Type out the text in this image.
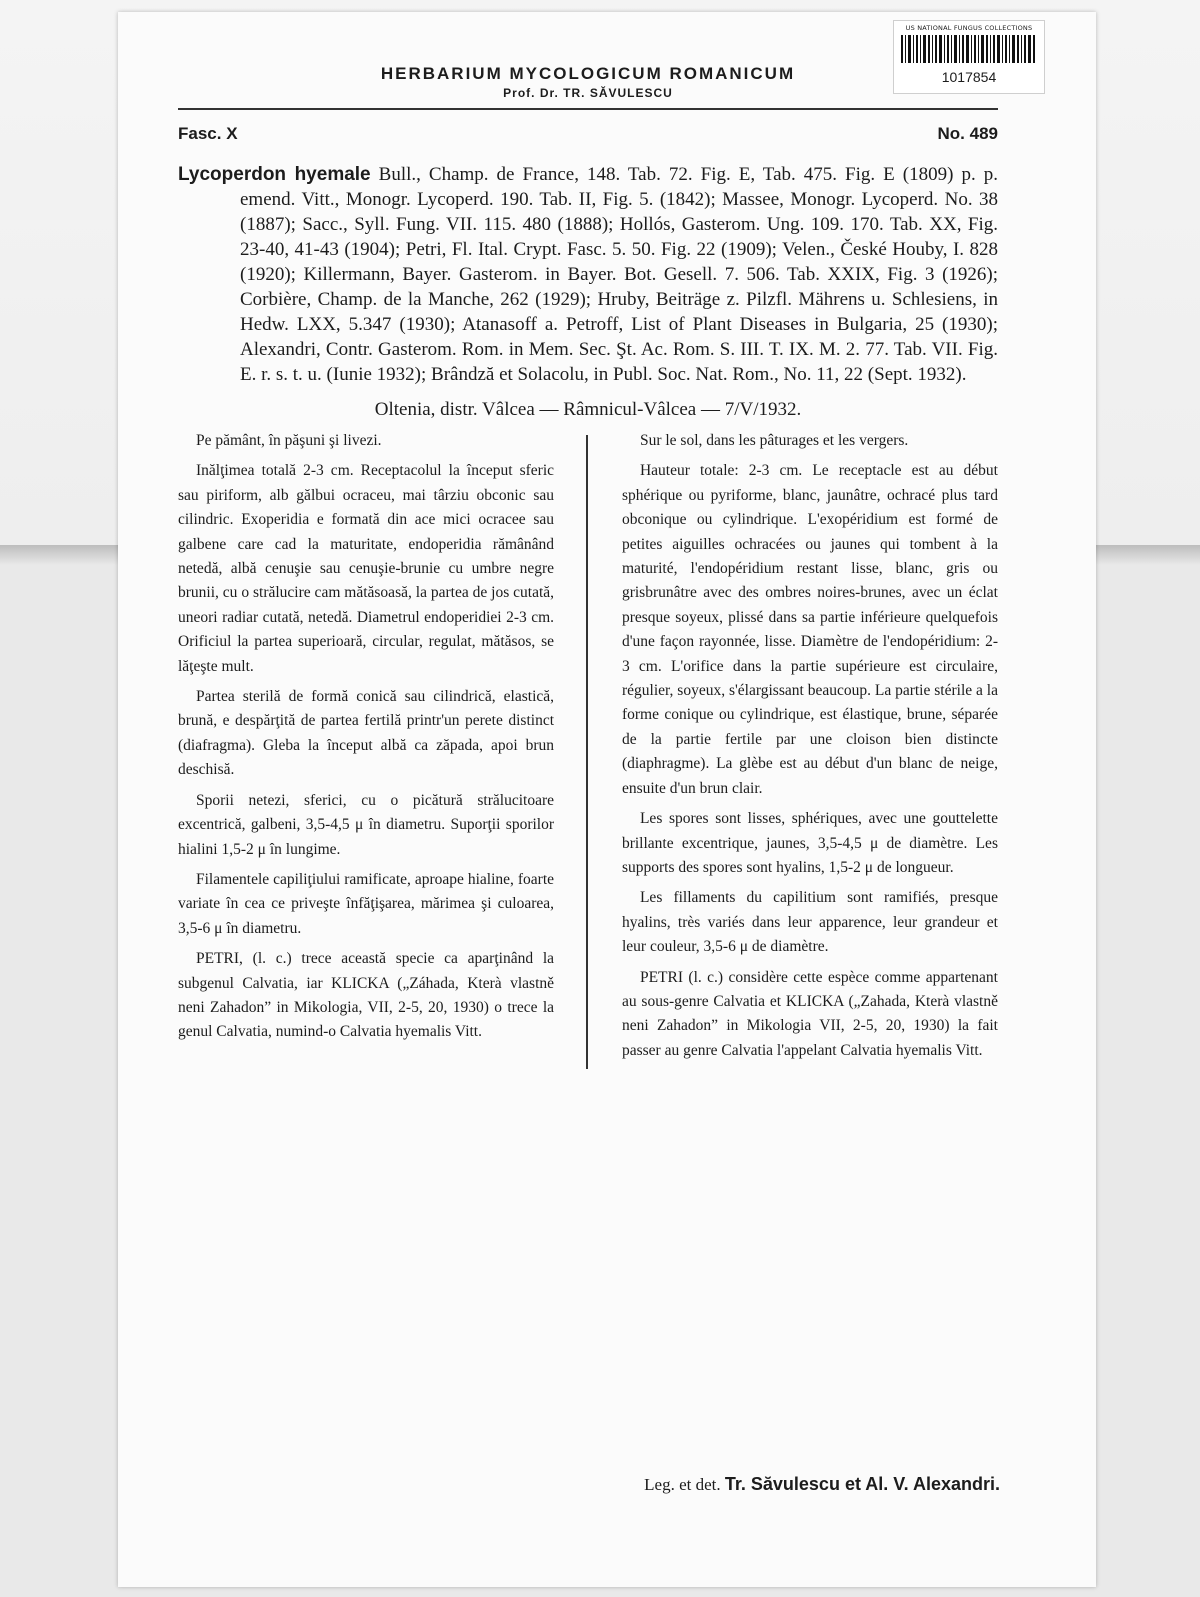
HERBARIUM MYCOLOGICUM ROMANICUM
Prof. Dr. TR. SĂVULESCU
Fasc. X	No. 489
Lycoperdon hyemale Bull., Champ. de France, 148. Tab. 72. Fig. E, Tab. 475. Fig. E (1809) p. p. emend. Vitt., Monogr. Lycoperd. 190. Tab. II, Fig. 5. (1842); Massee, Monogr. Lycoperd. No. 38 (1887); Sacc., Syll. Fung. VII. 115. 480 (1888); Hollós, Gasterom. Ung. 109. 170. Tab. XX, Fig. 23-40, 41-43 (1904); Petri, Fl. Ital. Crypt. Fasc. 5. 50. Fig. 22 (1909); Velen., České Houby, I. 828 (1920); Killermann, Bayer. Gasterom. in Bayer. Bot. Gesell. 7. 506. Tab. XXIX, Fig. 3 (1926); Corbière, Champ. de la Manche, 262 (1929); Hruby, Beiträge z. Pilzfl. Mährens u. Schlesiens, in Hedw. LXX, 5.347 (1930); Atanasoff a. Petroff, List of Plant Diseases in Bulgaria, 25 (1930); Alexandri, Contr. Gasterom. Rom. in Mem. Sec. Şt. Ac. Rom. S. III. T. IX. M. 2. 77. Tab. VII. Fig. E. r. s. t. u. (Iunie 1932); Brândză et Solacolu, in Publ. Soc. Nat. Rom., No. 11, 22 (Sept. 1932).
Oltenia, distr. Vâlcea — Râmnicul-Vâlcea — 7/V/1932.

Pe pământ, în păşuni şi livezi.

Inălţimea totală 2-3 cm. Receptacolul la început sferic sau piriform, alb gălbui ocraceu, mai târziu obconic sau cilindric. Exoperidia e formată din ace mici ocracee sau galbene care cad la maturitate, endoperidia rămânând netedă, albă cenuşie sau cenuşie-brunie cu umbre negre brunii, cu o strălucire cam mătăsoasă, la partea de jos cutată, uneori radiar cutată, netedă. Diametrul endoperidiei 2-3 cm. Orificiul la partea superioară, circular, regulat, mătăsos, se lăţeşte mult.

Partea sterilă de formă conică sau cilindrică, elastică, brună, e despărţită de partea fertilă printr'un perete distinct (diafragma). Gleba la început albă ca zăpada, apoi brun deschisă.

Sporii netezi, sferici, cu o picătură strălucitoare excentrică, galbeni, 3,5-4,5 μ în diametru. Suporţii sporilor hialini 1,5-2 μ în lungime.

Filamentele capiliţiului ramificate, aproape hialine, foarte variate în cea ce priveşte înfăţişarea, mărimea şi culoarea, 3,5-6 μ în diametru.

PETRI, (l. c.) trece această specie ca aparţinând la subgenul Calvatia, iar KLICKA („Záhada, Kterà vlastně neni Zahadon” in Mikologia, VII, 2-5, 20, 1930) o trece la genul Calvatia, numind-o Calvatia hyemalis Vitt.

Sur le sol, dans les pâturages et les vergers.

Hauteur totale: 2-3 cm. Le receptacle est au début sphérique ou pyriforme, blanc, jaunâtre, ochracé plus tard obconique ou cylindrique. L'exopéridium est formé de petites aiguilles ochracées ou jaunes qui tombent à la maturité, l'endopéridium restant lisse, blanc, gris ou grisbrunâtre avec des ombres noires-brunes, avec un éclat presque soyeux, plissé dans sa partie inférieure quelquefois d'une façon rayonnée, lisse. Diamètre de l'endopéridium: 2-3 cm. L'orifice dans la partie supérieure est circulaire, régulier, soyeux, s'élargissant beaucoup. La partie stérile a la forme conique ou cylindrique, est élastique, brune, séparée de la partie fertile par une cloison bien distincte (diaphragme). La glèbe est au début d'un blanc de neige, ensuite d'un brun clair.

Les spores sont lisses, sphériques, avec une gouttelette brillante excentrique, jaunes, 3,5-4,5 μ de diamètre. Les supports des spores sont hyalins, 1,5-2 μ de longueur.

Les fillaments du capilitium sont ramifiés, presque hyalins, très variés dans leur apparence, leur grandeur et leur couleur, 3,5-6 μ de diamètre.

PETRI (l. c.) considère cette espèce comme appartenant au sous-genre Calvatia et KLICKA („Zahada, Kterà vlastně neni Zahadon” in Mikologia VII, 2-5, 20, 1930) la fait passer au genre Calvatia l'appelant Calvatia hyemalis Vitt.

Leg. et det. Tr. Săvulescu et Al. V. Alexandri.
US NATIONAL FUNGUS COLLECTIONS
1017854
